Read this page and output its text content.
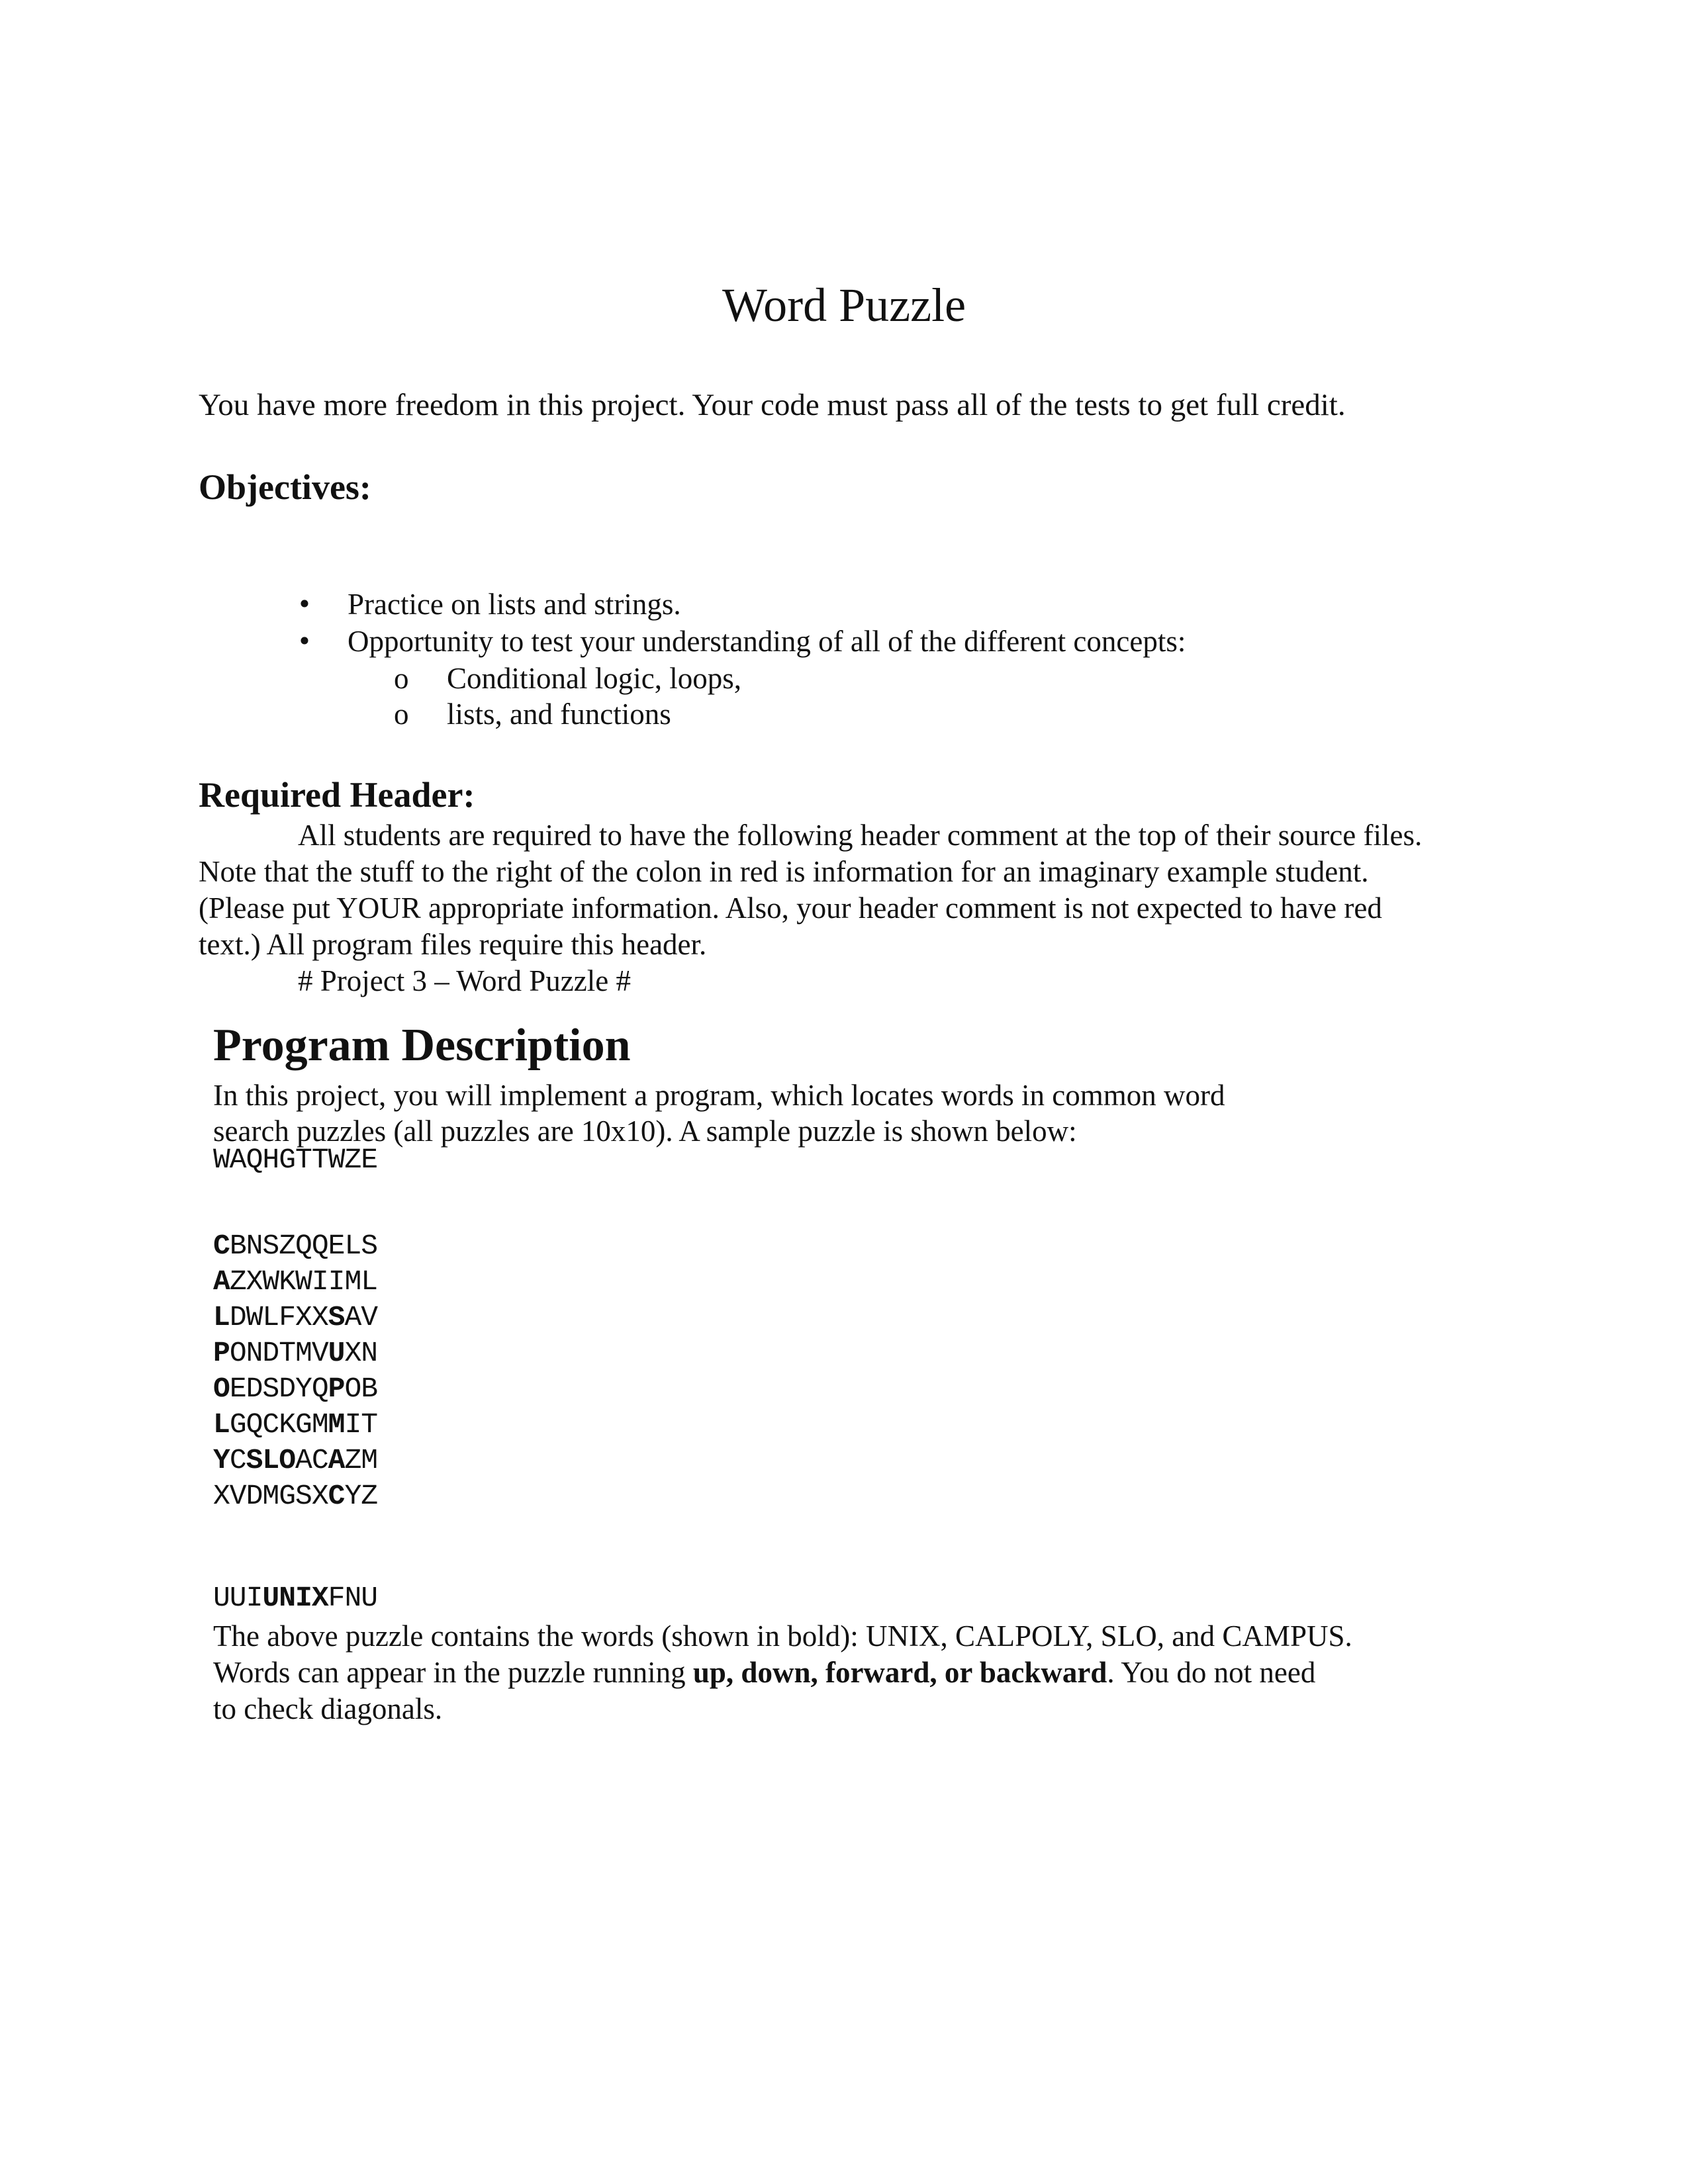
Word Puzzle
You have more freedom in this project. Your code must pass all of the tests to get full credit.
Objectives:
• Practice on lists and strings.
• Opportunity to test your understanding of all of the different concepts:
o Conditional logic, loops,
o lists, and functions
Required Header:
All students are required to have the following header comment at the top of their source files.
Note that the stuff to the right of the colon in red is information for an imaginary example student.
(Please put YOUR appropriate information. Also, your header comment is not expected to have red
text.) All program files require this header.
# Project 3 – Word Puzzle #
Program Description
In this project, you will implement a program, which locates words in common word
search puzzles (all puzzles are 10x10). A sample puzzle is shown below:
WAQHGTTWZE
CBNSZQQELS
AZXWKWIIML
LDWLFXXSAV
PONDTMVUXN
OEDSDYQPOB
LGQCKGMMIT
YCSLOACAZM
XVDMGSXCYZ
UUIUNIXFNU
The above puzzle contains the words (shown in bold): UNIX, CALPOLY, SLO, and CAMPUS.
Words can appear in the puzzle running up, down, forward, or backward. You do not need
to check diagonals.
